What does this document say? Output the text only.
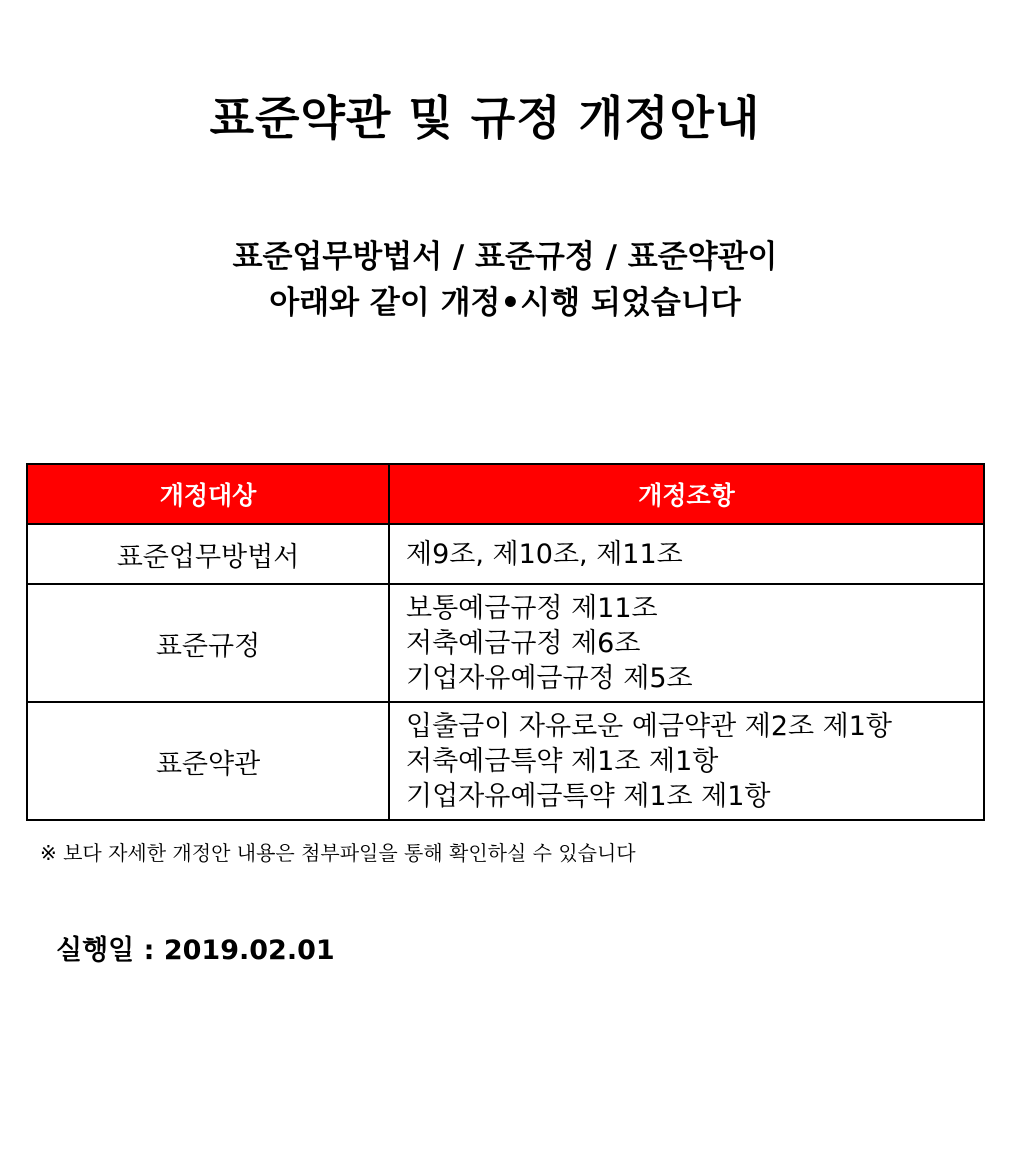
표준약관 및 규정 개정안내
표준업무방법서 / 표준규정 / 표준약관이
아래와 같이 개정•시행 되었습니다
개정대상	개정조항
표준업무방법서	제9조, 제10조, 제11조

표준규정	보통예금규정 제11조
저축예금규정 제6조
기업자유예금규정 제5조

표준약관	입출금이 자유로운 예금약관 제2조 제1항
저축예금특약 제1조 제1항
기업자유예금특약 제1조 제1항
※ 보다 자세한 개정안 내용은 첨부파일을 통해 확인하실 수 있습니다
실행일 : 2019.02.01
